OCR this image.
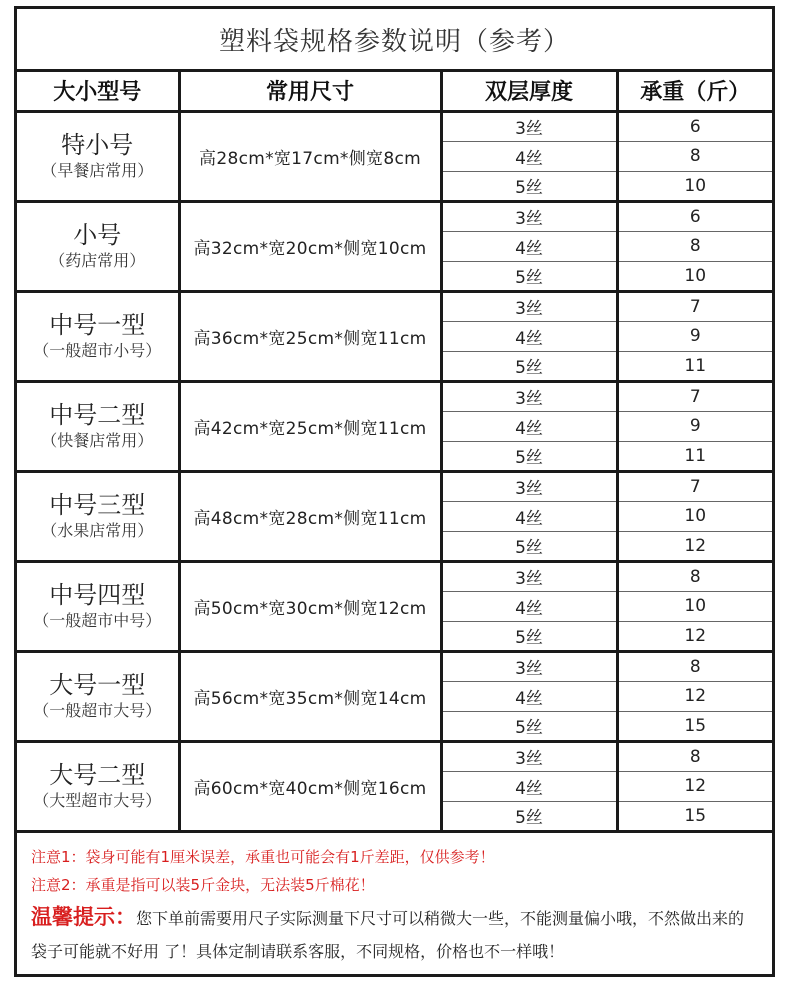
塑料袋规格参数说明（参考）
大小型号	常用尺寸	双层厚度	承重（斤）

特小号
（早餐店常用）	高28cm*宽17cm*侧宽8cm	3丝	6
		4丝	8
		5丝	10

小号
（药店常用）	高32cm*宽20cm*侧宽10cm	3丝	6
		4丝	8
		5丝	10

中号一型
（一般超市小号）	高36cm*宽25cm*侧宽11cm	3丝	7
		4丝	9
		5丝	11

中号二型
（快餐店常用）	高42cm*宽25cm*侧宽11cm	3丝	7
		4丝	9
		5丝	11

中号三型
（水果店常用）	高48cm*宽28cm*侧宽11cm	3丝	7
		4丝	10
		5丝	12

中号四型
（一般超市中号）	高50cm*宽30cm*侧宽12cm	3丝	8
		4丝	10
		5丝	12

大号一型
（一般超市大号）	高56cm*宽35cm*侧宽14cm	3丝	8
		4丝	12
		5丝	15

大号二型
（大型超市大号）	高60cm*宽40cm*侧宽16cm	3丝	8
		4丝	12
		5丝	15
注意1：袋身可能有1厘米误差，承重也可能会有1斤差距，仅供参考！
注意2：承重是指可以装5斤金块，无法装5斤棉花！
温馨提示：您下单前需要用尺子实际测量下尺寸可以稍微大一些，不能测量偏小哦，不然做出来的袋子可能就不好用 了！具体定制请联系客服，不同规格，价格也不一样哦！
